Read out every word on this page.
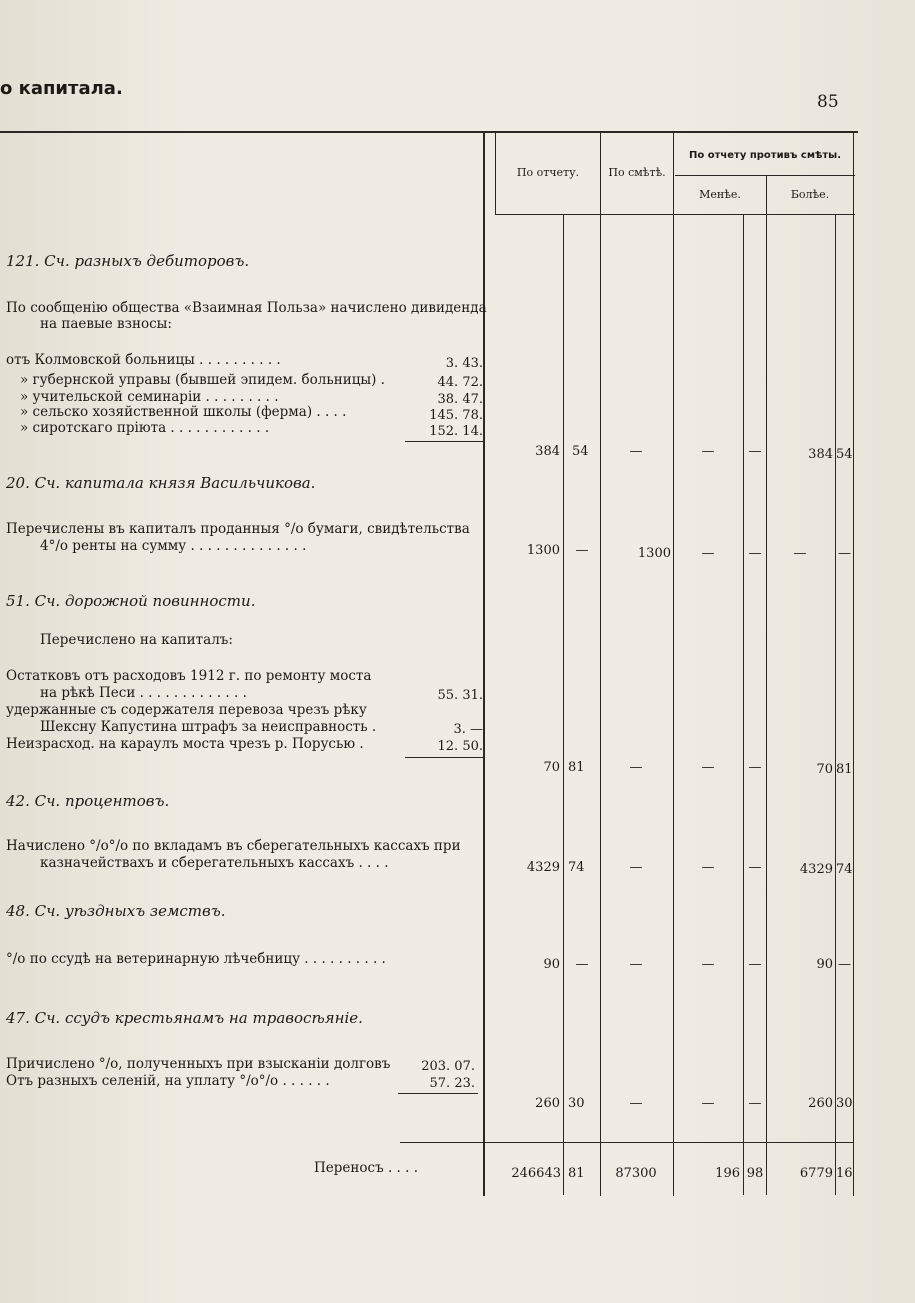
о капитала.
85
По отчету.	По смѣтѣ.
По отчету противъ смѣты.
Менѣе.	Болѣе.
121. Сч. разныхъ дебиторовъ.
По сообщенію общества «Взаимная Польза» начислено дивиденда
на паевые взносы:
отъ Колмовской больницы . . . . . . . . . .	3. 43.
» губернской управы (бывшей эпидем. больницы) .	44. 72.
» учительской семинаріи . . . . . . . . .	38. 47.
» сельско хозяйственной школы (ферма) . . . .	145. 78.
» сиротскаго пріюта . . . . . . . . . . . .	152. 14.
384 54	—	—	—	384 54
20. Сч. капитала князя Васильчикова.
Перечислены въ капиталъ проданныя °/о бумаги, свидѣтельства
4°/о ренты на сумму . . . . . . . . . . . . . .	1300	—	1300	—	—	—	—
51. Сч. дорожной повинности.
Перечислено на капиталъ:
Остатковъ отъ расходовъ 1912 г. по ремонту моста
на рѣкѣ Песи . . . . . . . . . . . . .	55. 31.
удержанные съ содержателя перевоза чрезъ рѣку
Шексну Капустина штрафъ за неисправность .	3. —
Неизрасход. на караулъ моста чрезъ р. Порусью .	12. 50.
70 81	—	—	—	70 81
42. Сч. процентовъ.
Начислено °/о°/о по вкладамъ въ сберегательныхъ кассахъ при
казначействахъ и сберегательныхъ кассахъ . . . .	4329 74	—	—	—	4329 74
48. Сч. уѣздныхъ земствъ.
°/о по ссудѣ на ветеринарную лѣчебницу . . . . . . . . . .	90	—	—	—	—	90 —
47. Сч. ссудъ крестьянамъ на травосѣяніе.
Причислено °/о, полученныхъ при взысканіи долговъ	203. 07.
Отъ разныхъ селеній, на уплату °/о°/о . . . . . .	57. 23.
260 30	—	—	—	260 30
Переносъ . . . .	246643 81	87300	196 98	6779 16
